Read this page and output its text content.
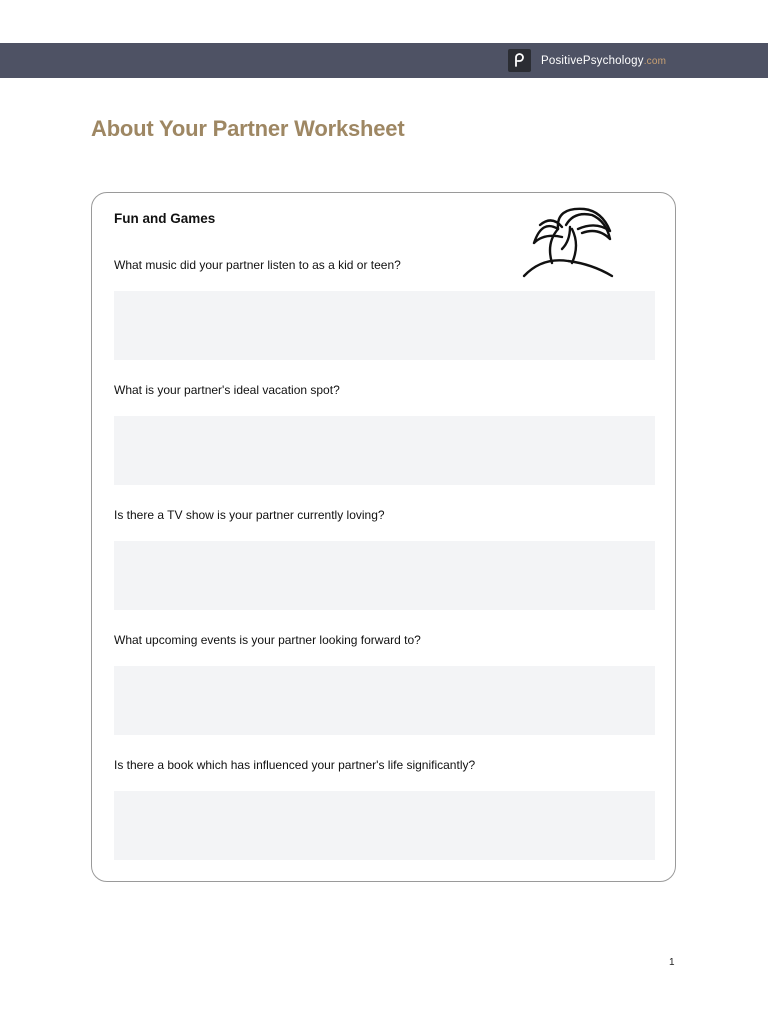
PositivePsychology.com
About Your Partner Worksheet
Fun and Games
What music did your partner listen to as a kid or teen?
What is your partner's ideal vacation spot?
Is there a TV show is your partner currently loving?
What upcoming events is your partner looking forward to?
Is there a book which has influenced your partner's life significantly?
1
